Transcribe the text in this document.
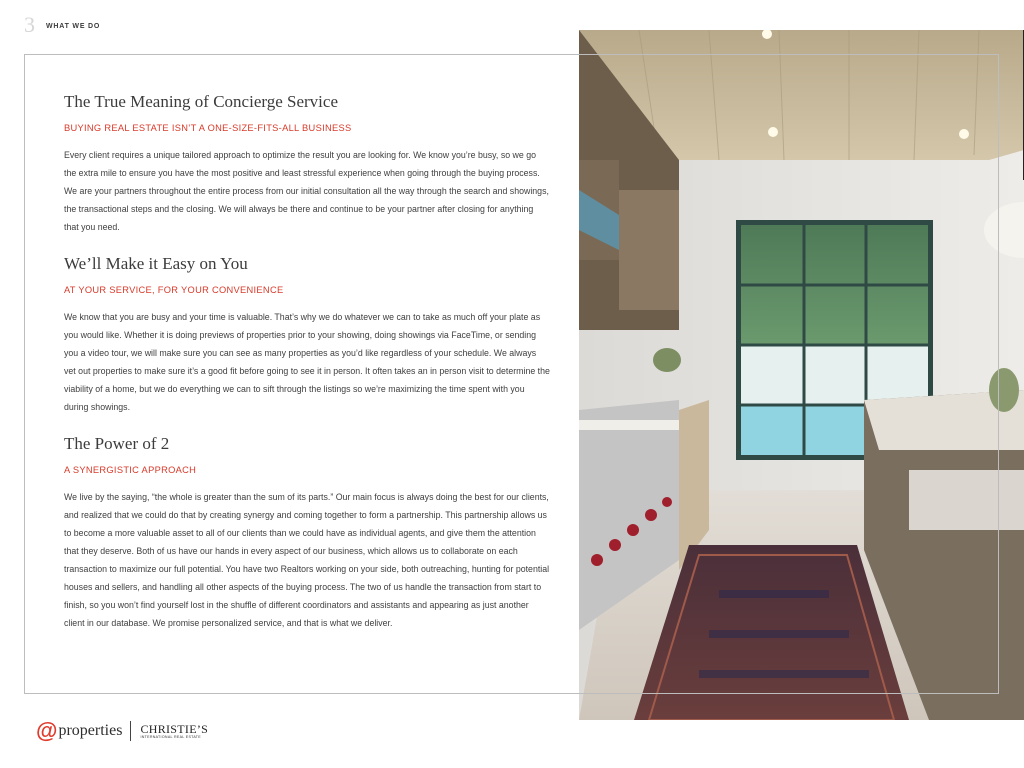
3 WHAT WE DO
The True Meaning of Concierge Service
BUYING REAL ESTATE ISN’T A ONE-SIZE-FITS-ALL BUSINESS

Every client requires a unique tailored approach to optimize the result you are looking for. We know you’re busy, so we go the extra mile to ensure you have the most positive and least stressful experience when going through the buying process. We are your partners throughout the entire process from our initial consultation all the way through the search and showings, the transactional steps and the closing. We will always be there and continue to be your partner after closing for anything that you need.

We’ll Make it Easy on You
AT YOUR SERVICE, FOR YOUR CONVENIENCE

We know that you are busy and your time is valuable. That’s why we do whatever we can to take as much off your plate as you would like. Whether it is doing previews of properties prior to your showing, doing showings via FaceTime, or sending you a video tour, we will make sure you can see as many properties as you’d like regardless of your schedule. We always vet out properties to make sure it’s a good fit before going to see it in person. It often takes an in person visit to determine the viability of a home, but we do everything we can to sift through the listings so we’re maximizing the time spent with you during showings.

The Power of 2
A SYNERGISTIC APPROACH

We live by the saying, “the whole is greater than the sum of its parts.” Our main focus is always doing the best for our clients, and realized that we could do that by creating synergy and coming together to form a partnership. This partnership allows us to become a more valuable asset to all of our clients than we could have as individual agents, and give them the attention that they deserve. Both of us have our hands in every aspect of our business, which allows us to collaborate on each transaction to maximize our full potential. You have two Realtors working on your side, both outreaching, hunting for potential houses and sellers, and handling all other aspects of the buying process. The two of us handle the transaction from start to finish, so you won’t find yourself lost in the shuffle of different coordinators and assistants and appearing as just another client in our database. We promise personalized service, and that is what we deliver.

@ properties CHRISTIE’S
INTERNATIONAL REAL ESTATE
